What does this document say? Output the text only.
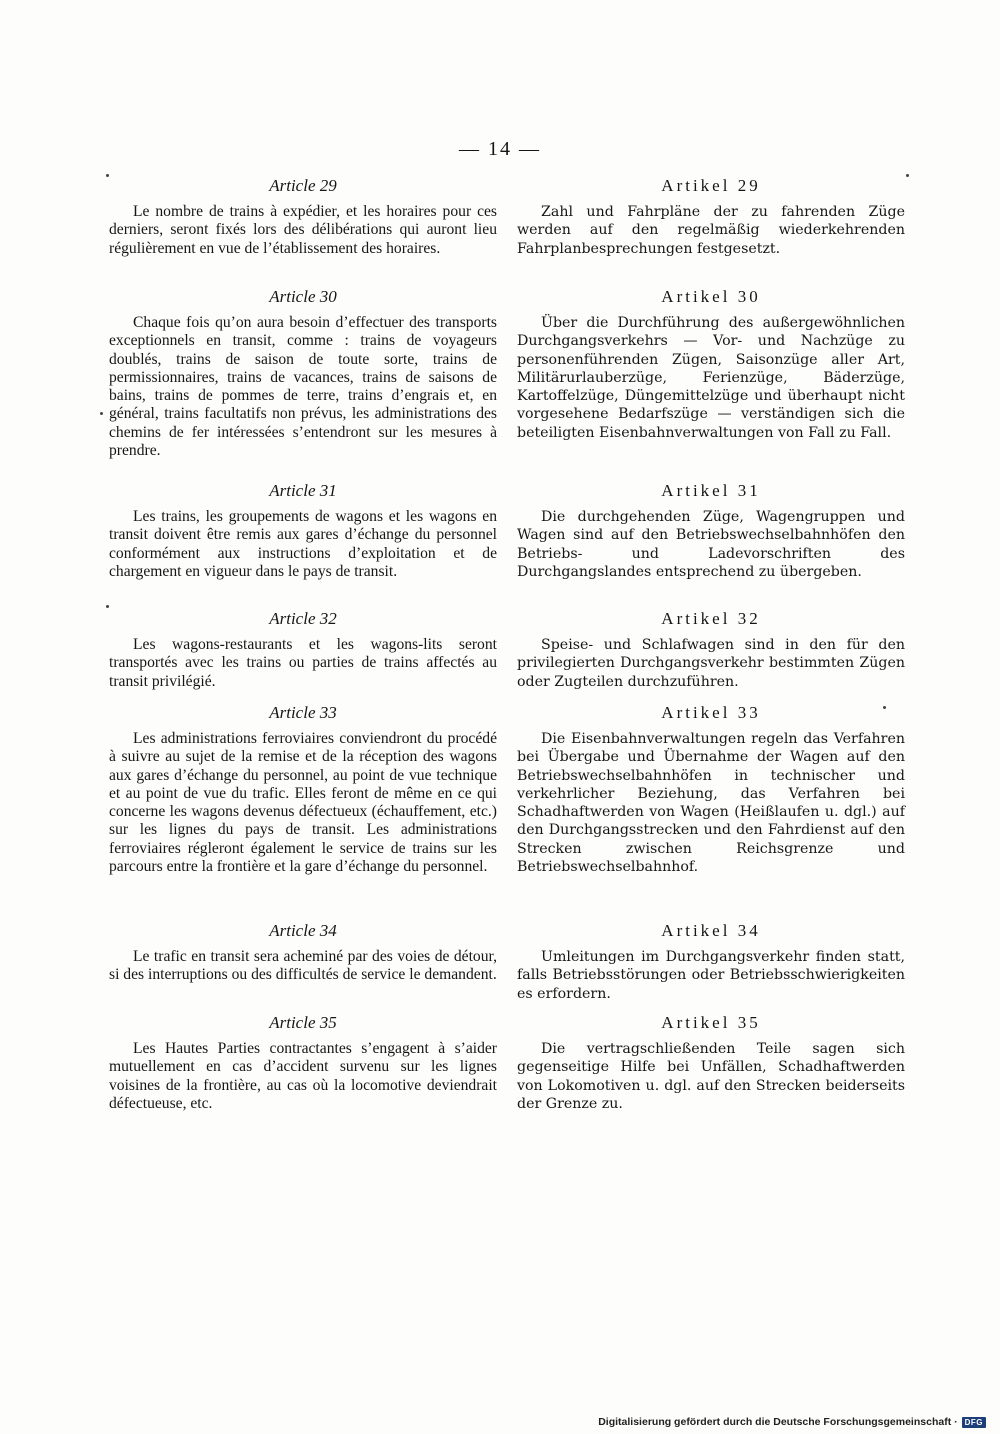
— 14 —

Article 29

Le nombre de trains à expédier, et les horaires pour ces derniers, seront fixés lors des délibérations qui auront lieu régulièrement en vue de l’établissement des horaires.

Article 30

Chaque fois qu’on aura besoin d’effectuer des transports exceptionnels en transit, comme : trains de voyageurs doublés, trains de saison de toute sorte, trains de permissionnaires, trains de vacances, trains de saisons de bains, trains de pommes de terre, trains d’engrais et, en général, trains facultatifs non prévus, les administrations des chemins de fer intéressées s’entendront sur les mesures à prendre.

Article 31

Les trains, les groupements de wagons et les wagons en transit doivent être remis aux gares d’échange du personnel conformément aux instructions d’exploitation et de chargement en vigueur dans le pays de transit.

Article 32

Les wagons-restaurants et les wagons-lits seront transportés avec les trains ou parties de trains affectés au transit privilégié.

Article 33

Les administrations ferroviaires conviendront du procédé à suivre au sujet de la remise et de la réception des wagons aux gares d’échange du personnel, au point de vue technique et au point de vue du trafic. Elles feront de même en ce qui concerne les wagons devenus défectueux (échauffement, etc.) sur les lignes du pays de transit. Les administrations ferroviaires régleront également le service de trains sur les parcours entre la frontière et la gare d’échange du personnel.

Article 34

Le trafic en transit sera acheminé par des voies de détour, si des interruptions ou des difficultés de service le demandent.

Article 35

Les Hautes Parties contractantes s’engagent à s’aider mutuellement en cas d’accident survenu sur les lignes voisines de la frontière, au cas où la locomotive deviendrait défectueuse, etc.

Artikel 29

Zahl und Fahrpläne der zu fahrenden Züge werden auf den regelmäßig wiederkehrenden Fahrplanbesprechungen festgesetzt.

Artikel 30

Über die Durchführung des außergewöhnlichen Durchgangsverkehrs — Vor- und Nachzüge zu personenführenden Zügen, Saisonzüge aller Art, Militärurlauberzüge, Ferienzüge, Bäderzüge, Kartoffelzüge, Düngemittelzüge und überhaupt nicht vorgesehene Bedarfszüge — verständigen sich die beteiligten Eisenbahnverwaltungen von Fall zu Fall.

Artikel 31

Die durchgehenden Züge, Wagengruppen und Wagen sind auf den Betriebswechselbahnhöfen den Betriebs- und Ladevorschriften des Durchgangslandes entsprechend zu übergeben.

Artikel 32

Speise- und Schlafwagen sind in den für den privilegierten Durchgangsverkehr bestimmten Zügen oder Zugteilen durchzuführen.

Artikel 33

Die Eisenbahnverwaltungen regeln das Verfahren bei Übergabe und Übernahme der Wagen auf den Betriebswechselbahnhöfen in technischer und verkehrlicher Beziehung, das Verfahren bei Schadhaftwerden von Wagen (Heißlaufen u. dgl.) auf den Durchgangsstrecken und den Fahrdienst auf den Strecken zwischen Reichsgrenze und Betriebswechselbahnhof.

Artikel 34

Umleitungen im Durchgangsverkehr finden statt, falls Betriebsstörungen oder Betriebsschwierigkeiten es erfordern.

Artikel 35

Die vertragschließenden Teile sagen sich gegenseitige Hilfe bei Unfällen, Schadhaftwerden von Lokomotiven u. dgl. auf den Strecken beiderseits der Grenze zu.

Digitalisierung gefördert durch die Deutsche Forschungsgemeinschaft · DFG
